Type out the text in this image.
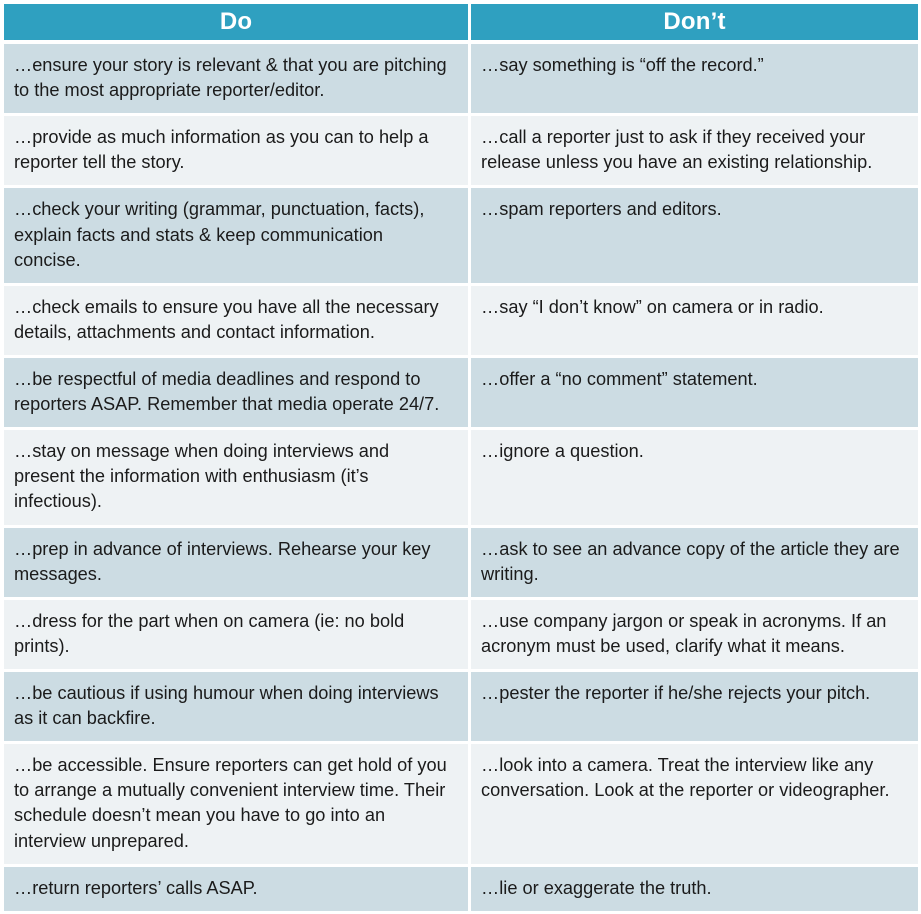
Do	Don’t

…ensure your story is relevant & that you are pitching to the most appropriate reporter/editor.	…say something is “off the record.”

…provide as much information as you can to help a reporter tell the story.	…call a reporter just to ask if they received your release unless you have an existing relationship.

…check your writing (grammar, punctuation, facts), explain facts and stats & keep communication concise.	…spam reporters and editors.

…check emails to ensure you have all the necessary details, attachments and contact information.	…say “I don’t know” on camera or in radio.

…be respectful of media deadlines and respond to reporters ASAP. Remember that media operate 24/7.	…offer a “no comment” statement.

…stay on message when doing interviews and present the information with enthusiasm (it’s infectious).	…ignore a question.

…prep in advance of interviews. Rehearse your key messages.	…ask to see an advance copy of the article they are writing.

…dress for the part when on camera (ie: no bold prints).	…use company jargon or speak in acronyms. If an acronym must be used, clarify what it means.

…be cautious if using humour when doing interviews as it can backfire.	…pester the reporter if he/she rejects your pitch.

…be accessible. Ensure reporters can get hold of you to arrange a mutually convenient interview time. Their schedule doesn’t mean you have to go into an interview unprepared.	…look into a camera. Treat the interview like any conversation. Look at the reporter or videographer.

…return reporters’ calls ASAP.	…lie or exaggerate the truth.
